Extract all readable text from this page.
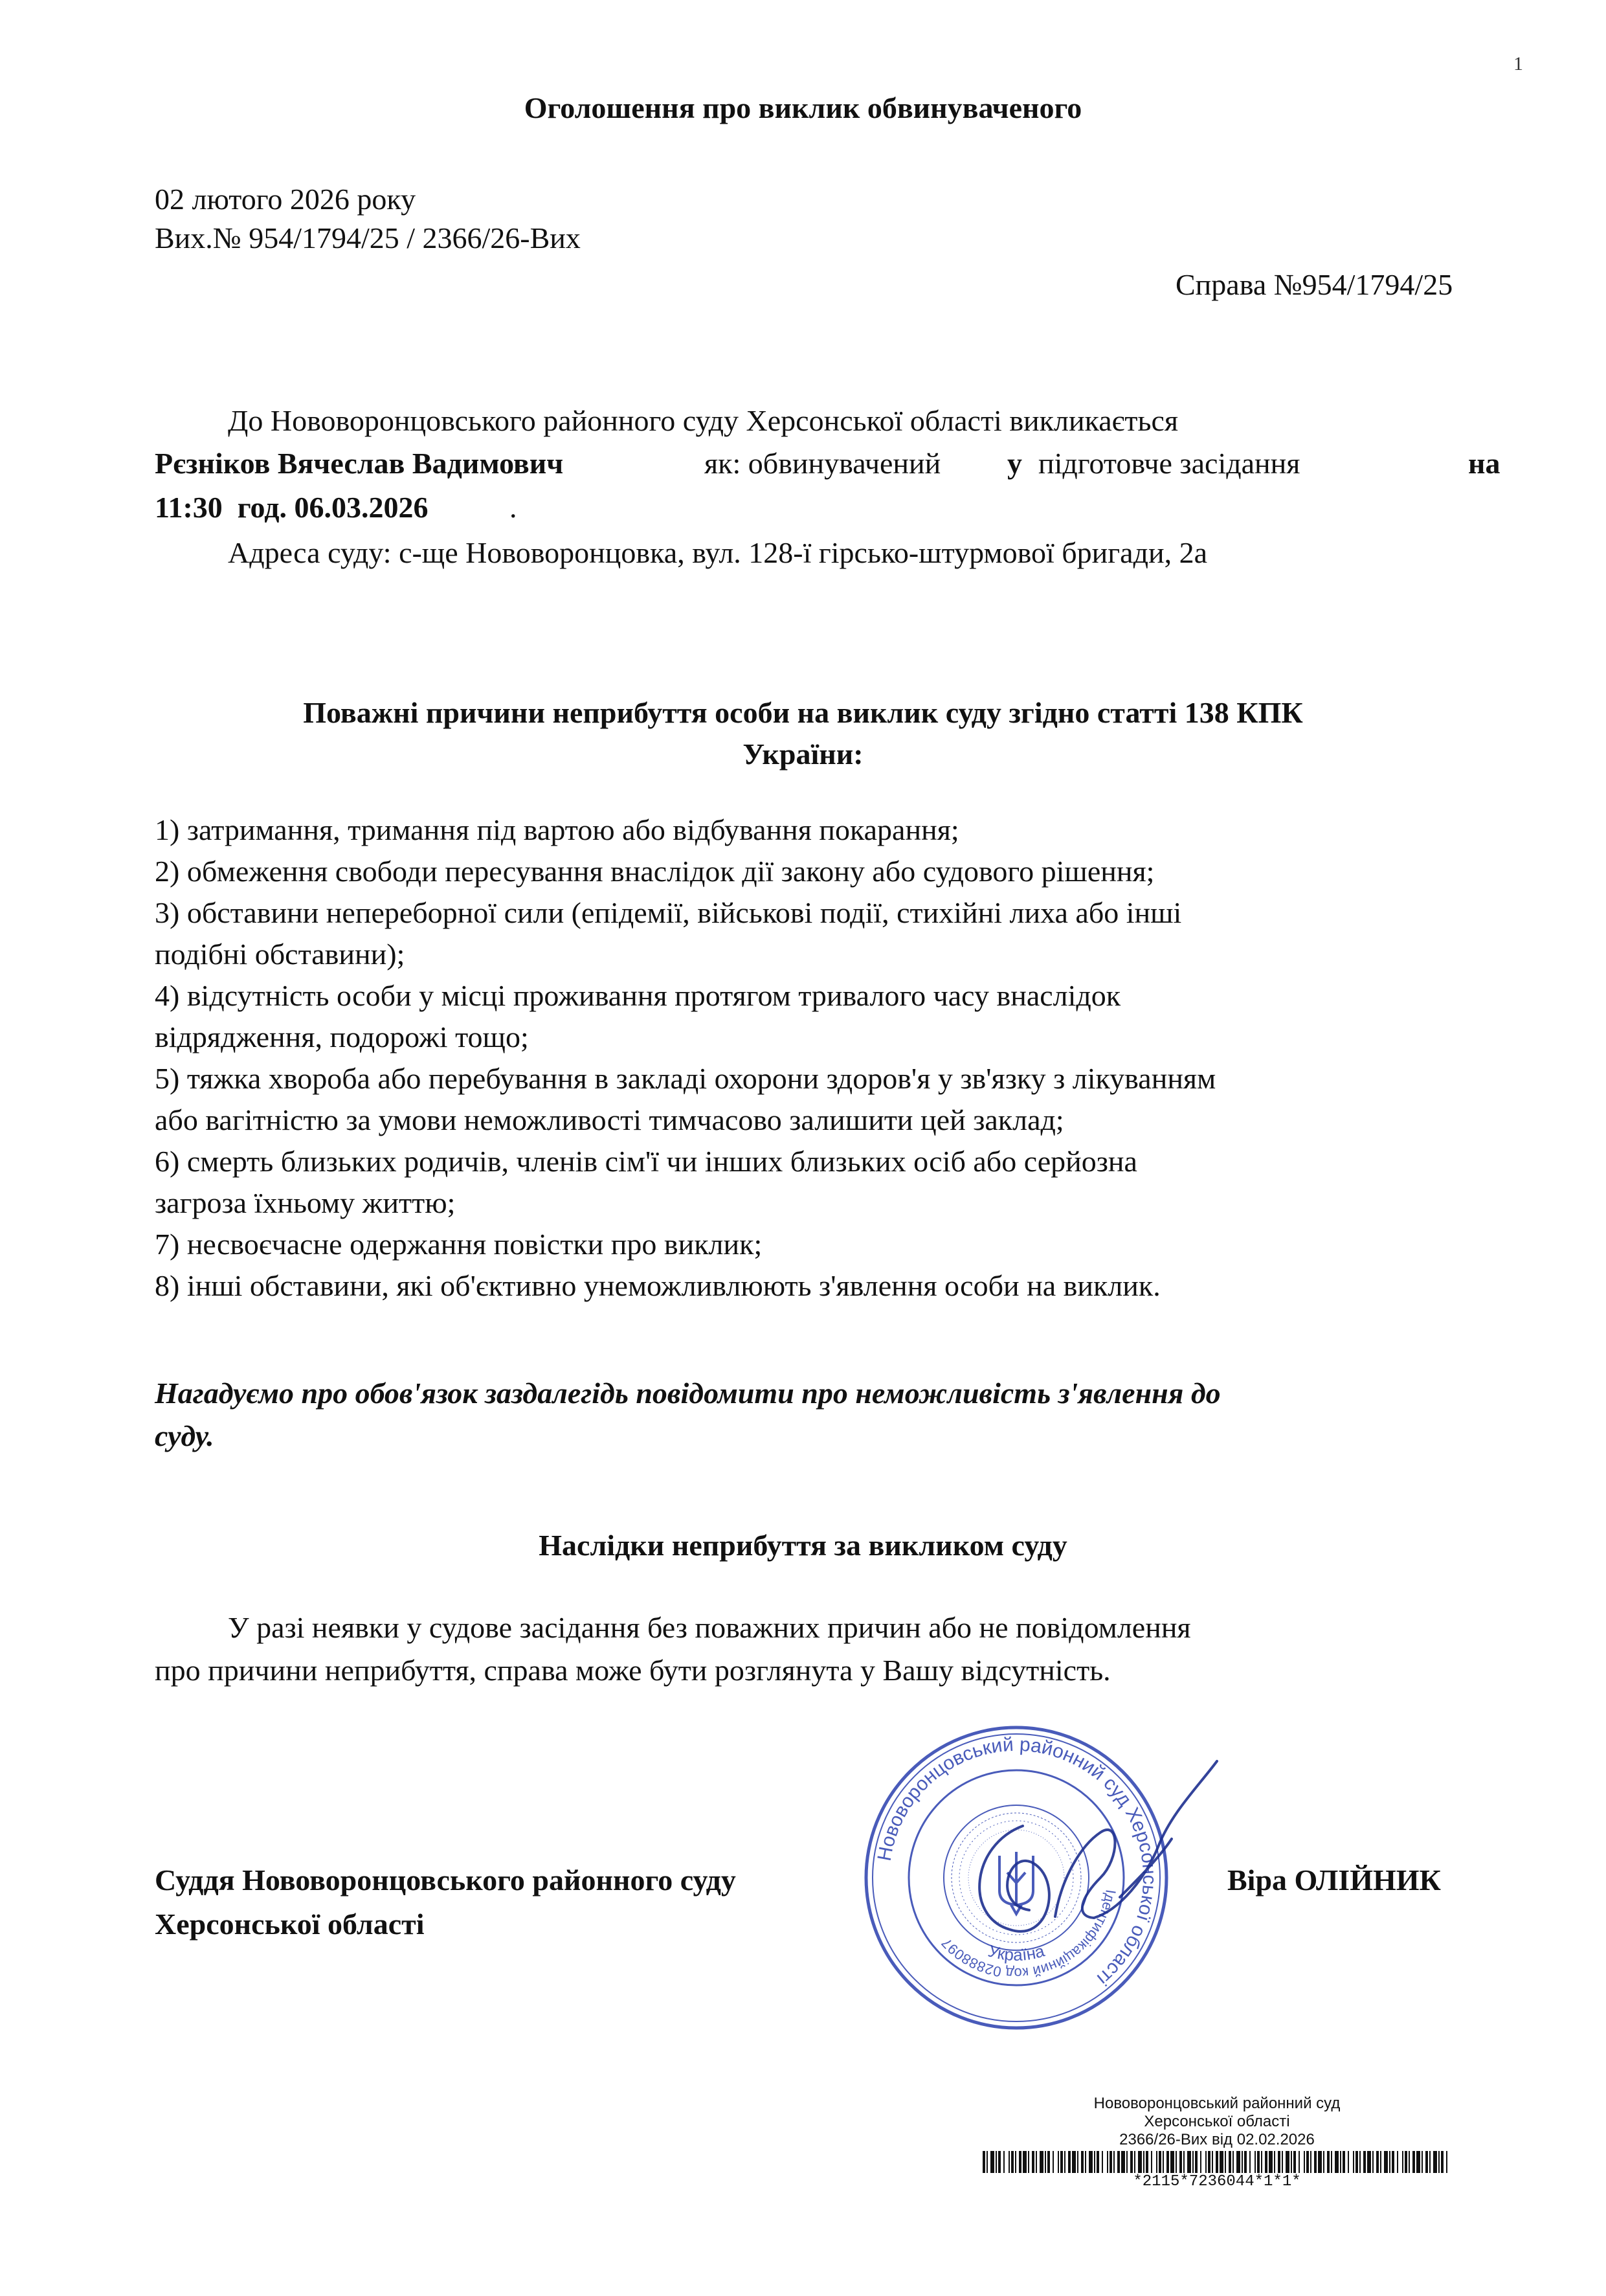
1
Оголошення про виклик обвинуваченого
02 лютого 2026 року
Вих.№ 954/1794/25 / 2366/26-Вих
Справа №954/1794/25
До Нововоронцовського районного суду Херсонської області викликається
Рєзніков Вячеслав Вадимович	як: обвинувачений у підготовче засідання	на
11:30  год. 06.03.2026	.
Адреса суду: с-ще Нововоронцовка, вул. 128-ї гірсько-штурмової бригади, 2а
Поважні причини неприбуття особи на виклик суду згідно статті 138 КПК
України:
1) затримання, тримання під вартою або відбування покарання;
2) обмеження свободи пересування внаслідок дії закону або судового рішення;
3) обставини непереборної сили (епідемії, військові події, стихійні лиха або інші
подібні обставини);
4) відсутність особи у місці проживання протягом тривалого часу внаслідок
відрядження, подорожі тощо;
5) тяжка хвороба або перебування в закладі охорони здоров'я у зв'язку з лікуванням
або вагітністю за умови неможливості тимчасово залишити цей заклад;
6) смерть близьких родичів, членів сім'ї чи інших близьких осіб або серйозна
загроза їхньому життю;
7) несвоєчасне одержання повістки про виклик;
8) інші обставини, які об'єктивно унеможливлюють з'явлення особи на виклик.
Нагадуємо про обов'язок заздалегідь повідомити про неможливість з'явлення до
суду.
Наслідки неприбуття за викликом суду
У разі неявки у судове засідання без поважних причин або не повідомлення
про причини неприбуття, справа може бути розглянута у Вашу відсутність.
Суддя Нововоронцовського районного суду
Херсонської області
Віра ОЛІЙНИК
Нововоронцовський районний суд Херсонської області
Ідентифікаційний код 02888097	Україна
Нововоронцовський районний суд
Херсонської області
2366/26-Вих від 02.02.2026
*2115*7236044*1*1*
